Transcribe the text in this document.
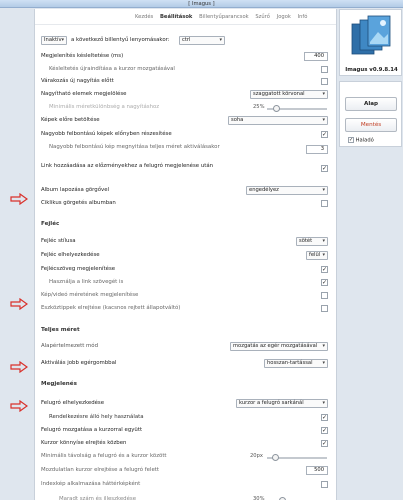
[ Imagus ]
Kezdés Beállítások Billentyűparancsok Szűrő Jogok Infó
Inaktív ▾	a következő billentyű lenyomásakor:	ctrl ▾
Megjelenítés késleltetése (ms)	400
Késleltetés újraindítása a kurzor mozgatásával
Várakozás új nagyítás előtt
Nagyítható elemek megjelölése	szaggatott körvonal ▾
Minimális méretkülönbség a nagyításhoz	25%
Képek előre betöltése	soha ▾
Nagyobb felbontású képek előnyben részesítése	✓
Nagyobb felbontású kép megnyitása teljes méret aktiválásakor	3
Link hozzáadása az előzményekhez a felugró megjelenése után	✓
Album lapozása görgővel	engedélyez ▾
Ciklikus görgetés albumban
Fejléc
Fejléc stílusa	sötét ▾
Fejléc elhelyezkedése	felül ▾
Fejlécszöveg megjelenítése	✓
Használja a link szövegét is	✓
Kép/videó méretének megjelenítése
Eszköztippek elrejtése (kacsnos rejtett állapotváltó)
Teljes méret
Alapértelmezett mód	mozgatás az egér mozgatásával ▾
Aktiválás jobb egérgombbal	hosszan-tartással ▾
Megjelenés
Felugró elhelyezkedése	kurzor a felugró sarkánál ▾
Rendelkezésre álló hely használata	✓
Felugró mozgatása a kurzorral együtt	✓
Kurzor könnyíse elrejtés közben	✓
Minimális távolság a felugró és a kurzor között	20px
Mozdulatlan kurzor elrejtése a felugró felett	500
Indexkép alkalmazása háttérképként
Maradt szám és illeszkedése	30%
Imagus v0.9.8.14
Alap
Mentés
✓ Haladó
